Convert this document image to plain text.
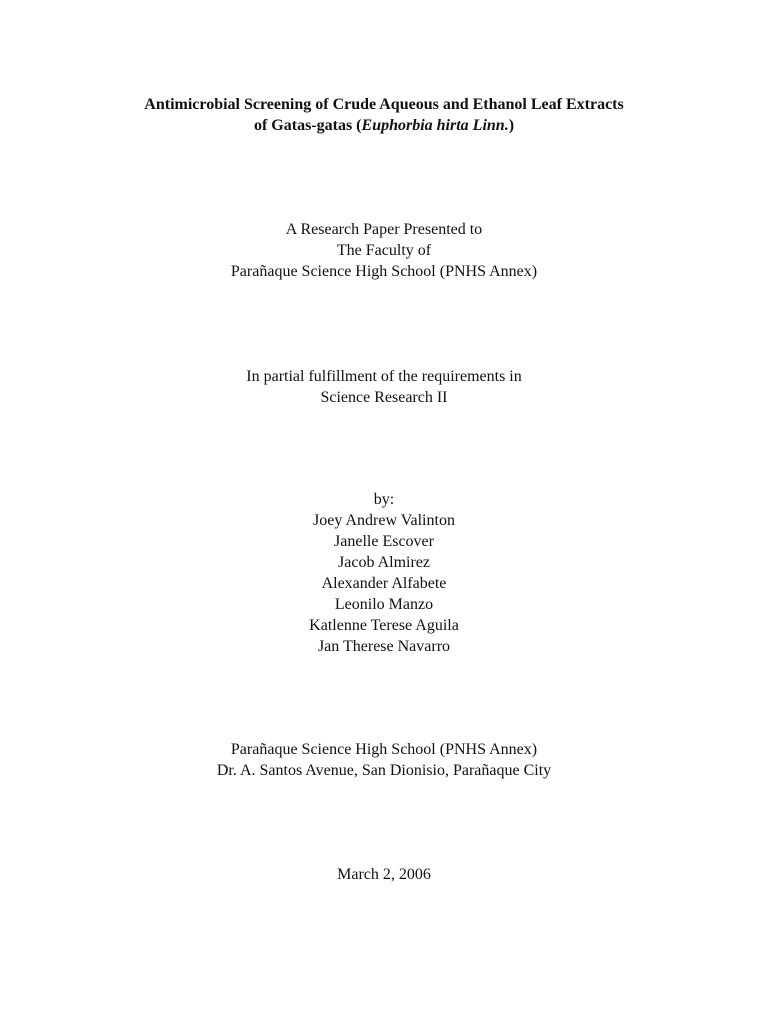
Antimicrobial Screening of Crude Aqueous and Ethanol Leaf Extracts
of Gatas-gatas (Euphorbia hirta Linn.)
A Research Paper Presented to
The Faculty of
Parañaque Science High School (PNHS Annex)
In partial fulfillment of the requirements in
Science Research II
by:
Joey Andrew Valinton
Janelle Escover
Jacob Almirez
Alexander Alfabete
Leonilo Manzo
Katlenne Terese Aguila
Jan Therese Navarro
Parañaque Science High School (PNHS Annex)
Dr. A. Santos Avenue, San Dionisio, Parañaque City
March 2, 2006
